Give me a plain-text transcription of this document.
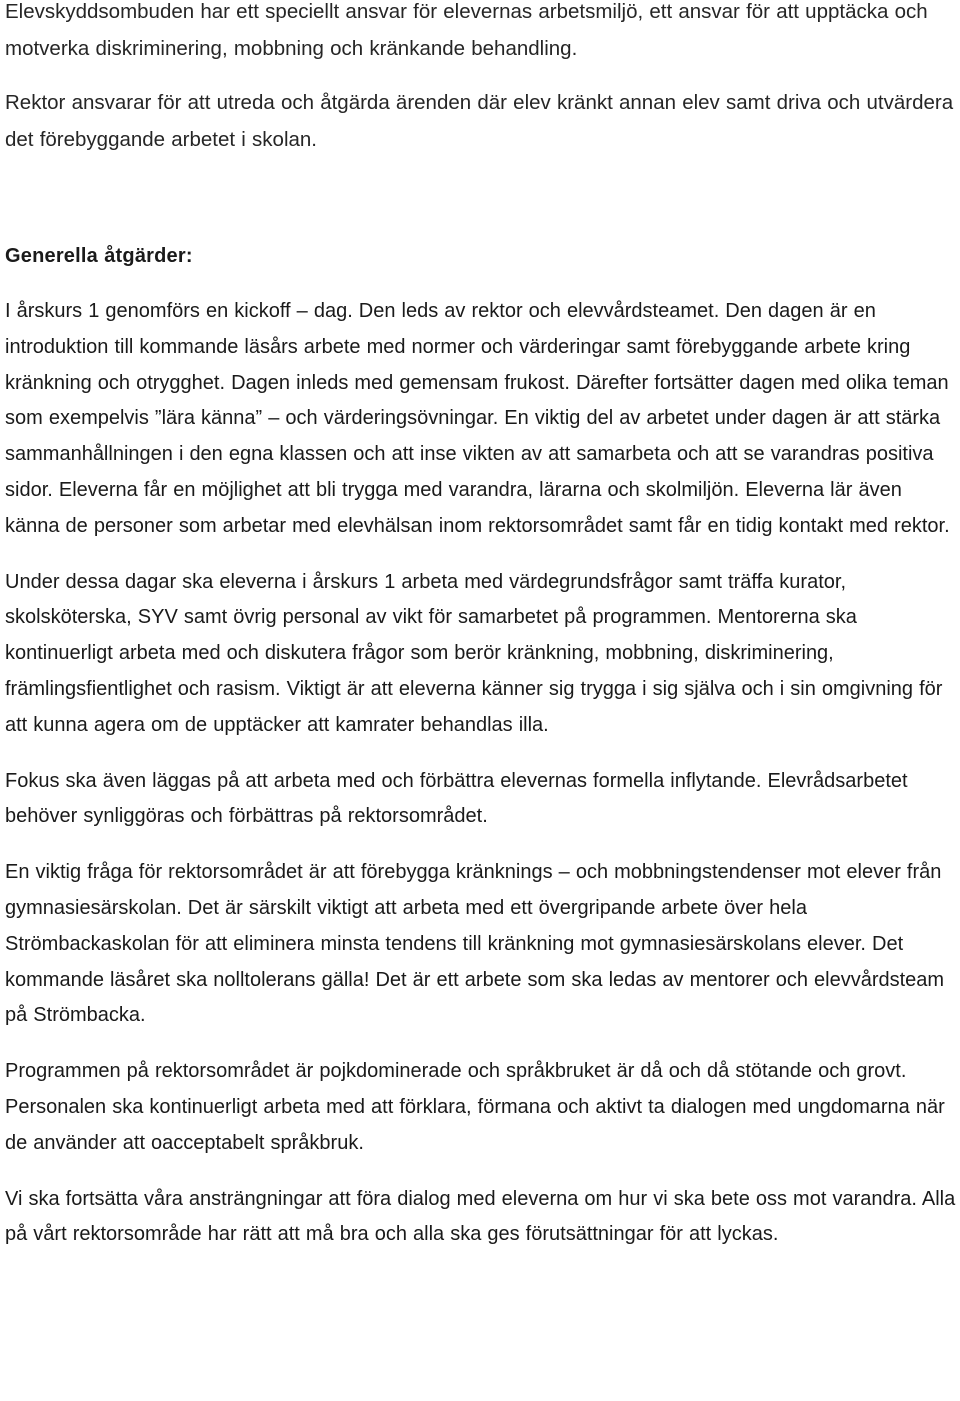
Elevskyddsombuden har ett speciellt ansvar för elevernas arbetsmiljö, ett ansvar för att upptäcka och motverka diskriminering, mobbning och kränkande behandling.

Rektor ansvarar för att utreda och åtgärda ärenden där elev kränkt annan elev samt driva och utvärdera det förebyggande arbetet i skolan.

Generella åtgärder:

I årskurs 1 genomförs en kickoff – dag. Den leds av rektor och elevvårdsteamet. Den dagen är en introduktion till kommande läsårs arbete med normer och värderingar samt förebyggande arbete kring kränkning och otrygghet. Dagen inleds med gemensam frukost. Därefter fortsätter dagen med olika teman som exempelvis ”lära känna” – och värderingsövningar. En viktig del av arbetet under dagen är att stärka sammanhållningen i den egna klassen och att inse vikten av att samarbeta och att se varandras positiva sidor. Eleverna får en möjlighet att bli trygga med varandra, lärarna och skolmiljön. Eleverna lär även känna de personer som arbetar med elevhälsan inom rektorsområdet samt får en tidig kontakt med rektor.

Under dessa dagar ska eleverna i årskurs 1 arbeta med värdegrundsfrågor samt träffa kurator, skolsköterska, SYV samt övrig personal av vikt för samarbetet på programmen. Mentorerna ska kontinuerligt arbeta med och diskutera frågor som berör kränkning, mobbning, diskriminering, främlingsfientlighet och rasism. Viktigt är att eleverna känner sig trygga i sig själva och i sin omgivning för att kunna agera om de upptäcker att kamrater behandlas illa.

Fokus ska även läggas på att arbeta med och förbättra elevernas formella inflytande. Elevrådsarbetet behöver synliggöras och förbättras på rektorsområdet.

En viktig fråga för rektorsområdet är att förebygga kränknings – och mobbningstendenser mot elever från gymnasiesärskolan. Det är särskilt viktigt att arbeta med ett övergripande arbete över hela Strömbackaskolan för att eliminera minsta tendens till kränkning mot gymnasiesärskolans elever. Det kommande läsåret ska nolltolerans gälla! Det är ett arbete som ska ledas av mentorer och elevvårdsteam på Strömbacka.

Programmen på rektorsområdet är pojkdominerade och språkbruket är då och då stötande och grovt. Personalen ska kontinuerligt arbeta med att förklara, förmana och aktivt ta dialogen med ungdomarna när de använder att oacceptabelt språkbruk.

Vi ska fortsätta våra ansträngningar att föra dialog med eleverna om hur vi ska bete oss mot varandra. Alla på vårt rektorsområde har rätt att må bra och alla ska ges förutsättningar för att lyckas.
